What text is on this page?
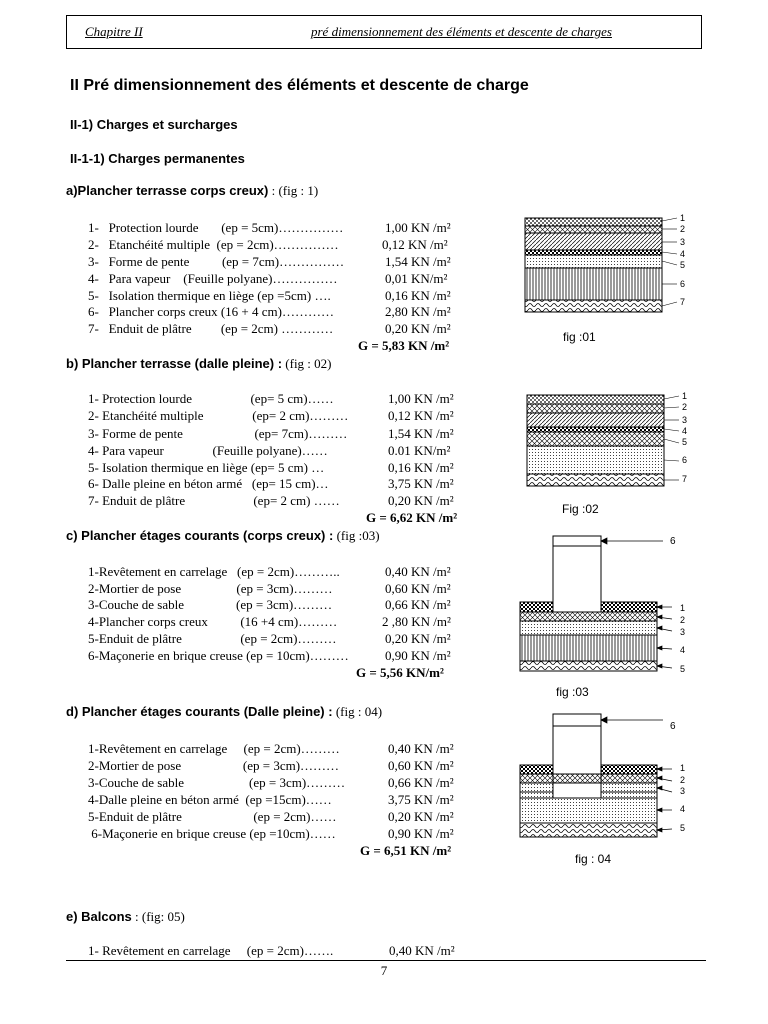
Chapitre II	pré dimensionnement des éléments et descente de charges
II Pré dimensionnement des éléments et descente de charge
II-1) Charges et surcharges
II-1-1) Charges permanentes
a)Plancher terrasse corps creux) : (fig : 1)
1-   Protection lourde       (ep = 5cm)……………	1,00 KN /m²
2-   Etanchéité multiple  (ep = 2cm)……………	0,12 KN /m²
3-   Forme de pente          (ep = 7cm)……………	1,54 KN /m²
4-   Para vapeur    (Feuille polyane)……………	0,01 KN/m²
5-   Isolation thermique en liège (ep =5cm) ….	0,16 KN /m²
6-   Plancher corps creux (16 + 4 cm)…………	2,80 KN /m²
7-   Enduit de plâtre         (ep = 2cm) …………	0,20 KN /m²
G = 5,83 KN /m²
1
2
3
4
5
6
7
fig :01
b) Plancher terrasse (dalle pleine) : (fig : 02)
1- Protection lourde                  (ep= 5 cm)……	1,00 KN /m²
2- Etanchéité multiple               (ep= 2 cm)………	0,12 KN /m²
3- Forme de pente                      (ep= 7cm)………	1,54 KN /m²
4- Para vapeur               (Feuille polyane)……	0.01 KN/m²
5- Isolation thermique en liège (ep= 5 cm) …	0,16 KN /m²
6- Dalle pleine en béton armé   (ep= 15 cm)…	3,75 KN /m²
7- Enduit de plâtre                     (ep= 2 cm) ……	0,20 KN /m²
G = 6,62 KN /m²
1
2
3
4
5
6
7
Fig :02
c) Plancher étages courants (corps creux) : (fig :03)
1-Revêtement en carrelage   (ep = 2cm)………..	0,40 KN /m²
2-Mortier de pose                 (ep = 3cm)………	0,60 KN /m²
3-Couche de sable                (ep = 3cm)………	0,66 KN /m²
4-Plancher corps creux          (16 +4 cm)………	2 ,80 KN /m²
5-Enduit de plâtre                  (ep = 2cm)………	0,20 KN /m²
6-Maçonerie en brique creuse (ep = 10cm)………	0,90 KN /m²
G = 5,56 KN/m²
6
1
2
3
4
5
fig :03
d) Plancher étages courants (Dalle pleine) : (fig : 04)
1-Revêtement en carrelage     (ep = 2cm)………	0,40 KN /m²
2-Mortier de pose                   (ep = 3cm)………	0,60 KN /m²
3-Couche de sable                    (ep = 3cm)………	0,66 KN /m²
4-Dalle pleine en béton armé  (ep =15cm)……	3,75 KN /m²
5-Enduit de plâtre                      (ep = 2cm)……	0,20 KN /m²
6-Maçonerie en brique creuse (ep =10cm)……	0,90 KN /m²
G = 6,51 KN /m²
6
1
2
3
4
5
fig : 04
e) Balcons : (fig: 05)
1- Revêtement en carrelage     (ep = 2cm)…….	0,40 KN /m²
7
